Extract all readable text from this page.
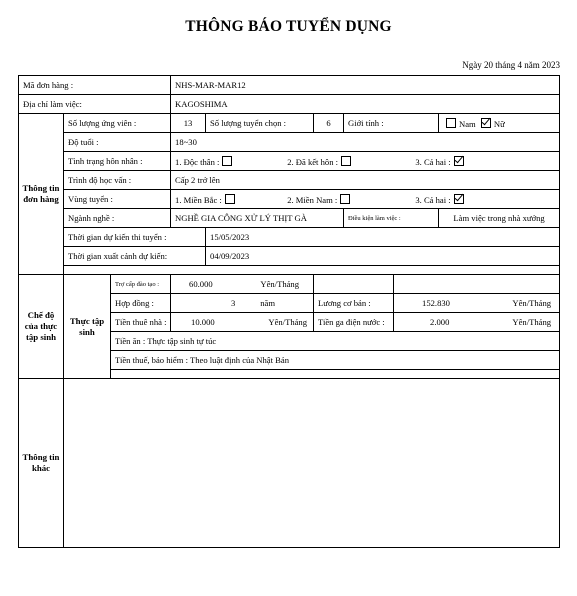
THÔNG BÁO TUYỂN DỤNG
Ngày 20 tháng 4 năm 2023
Mã đơn hàng :			NHS-MAR-MAR12					
Địa chỉ làm việc:			KAGOSHIMA					
Thông tin đơn hàng	Số lượng ứng viên :		13	Số lượng tuyển chọn :	6	Giới tính :		Nam Nữ
	Độ tuổi :		18~30					
	Tình trạng hôn nhân :		1. Độc thân : 2. Đã kết hôn : 3. Cả hai :					
	Trình độ học vấn :		Cấp 2 trở lên					
	Vùng tuyển :		1. Miền Bắc : 2. Miền Nam : 3. Cả hai :					
	Ngành nghề :		NGHỀ GIA CÔNG XỬ LÝ THỊT GÀ			Điều kiện làm việc :		Làm việc trong nhà xưởng
	Thời gian dự kiến thi tuyển :			15/05/2023				
	Thời gian xuất cảnh dự kiến:			04/09/2023				

Chế độ của thực tập sinh	Thực tập sinh	Trợ cấp đào tạo :	60.000 Yên/Tháng					

		Hợp đồng :	3 năm		Lương cơ bản :		152.830 Yên/Tháng	

		Tiền thuê nhà :	10.000 Yên/Tháng		Tiền ga điện nước :		2.000 Yên/Tháng	

		Tiền ăn : Thực tập sinh tự túc						
		Tiền thuế, bảo hiểm : Theo luật định của Nhật Bản						

Thông tin khác								
